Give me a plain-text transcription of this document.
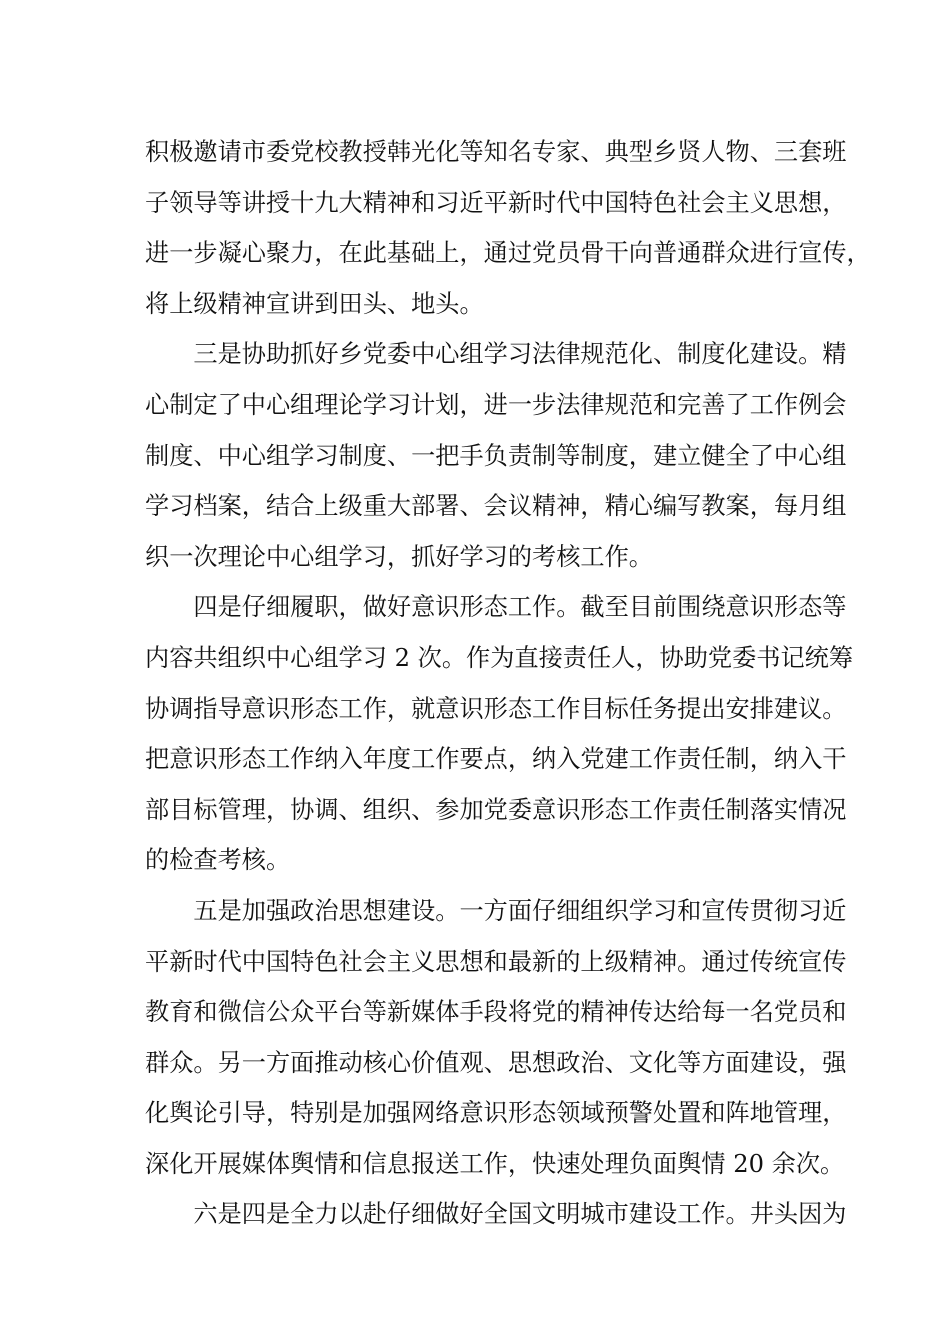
积极邀请市委党校教授韩光化等知名专家、典型乡贤人物、三套班
子领导等讲授十九大精神和习近平新时代中国特色社会主义思想，
进一步凝心聚力，在此基础上，通过党员骨干向普通群众进行宣传，
将上级精神宣讲到田头、地头。
　　三是协助抓好乡党委中心组学习法律规范化、制度化建设。精
心制定了中心组理论学习计划，进一步法律规范和完善了工作例会
制度、中心组学习制度、一把手负责制等制度，建立健全了中心组
学习档案，结合上级重大部署、会议精神，精心编写教案，每月组
织一次理论中心组学习，抓好学习的考核工作。
　　四是仔细履职，做好意识形态工作。截至目前围绕意识形态等
内容共组织中心组学习 2 次。作为直接责任人，协助党委书记统筹
协调指导意识形态工作，就意识形态工作目标任务提出安排建议。
把意识形态工作纳入年度工作要点，纳入党建工作责任制，纳入干
部目标管理，协调、组织、参加党委意识形态工作责任制落实情况
的检查考核。
　　五是加强政治思想建设。一方面仔细组织学习和宣传贯彻习近
平新时代中国特色社会主义思想和最新的上级精神。通过传统宣传
教育和微信公众平台等新媒体手段将党的精神传达给每一名党员和
群众。另一方面推动核心价值观、思想政治、文化等方面建设，强
化舆论引导，特别是加强网络意识形态领域预警处置和阵地管理，
深化开展媒体舆情和信息报送工作，快速处理负面舆情 20 余次。
　　六是四是全力以赴仔细做好全国文明城市建设工作。井头因为
